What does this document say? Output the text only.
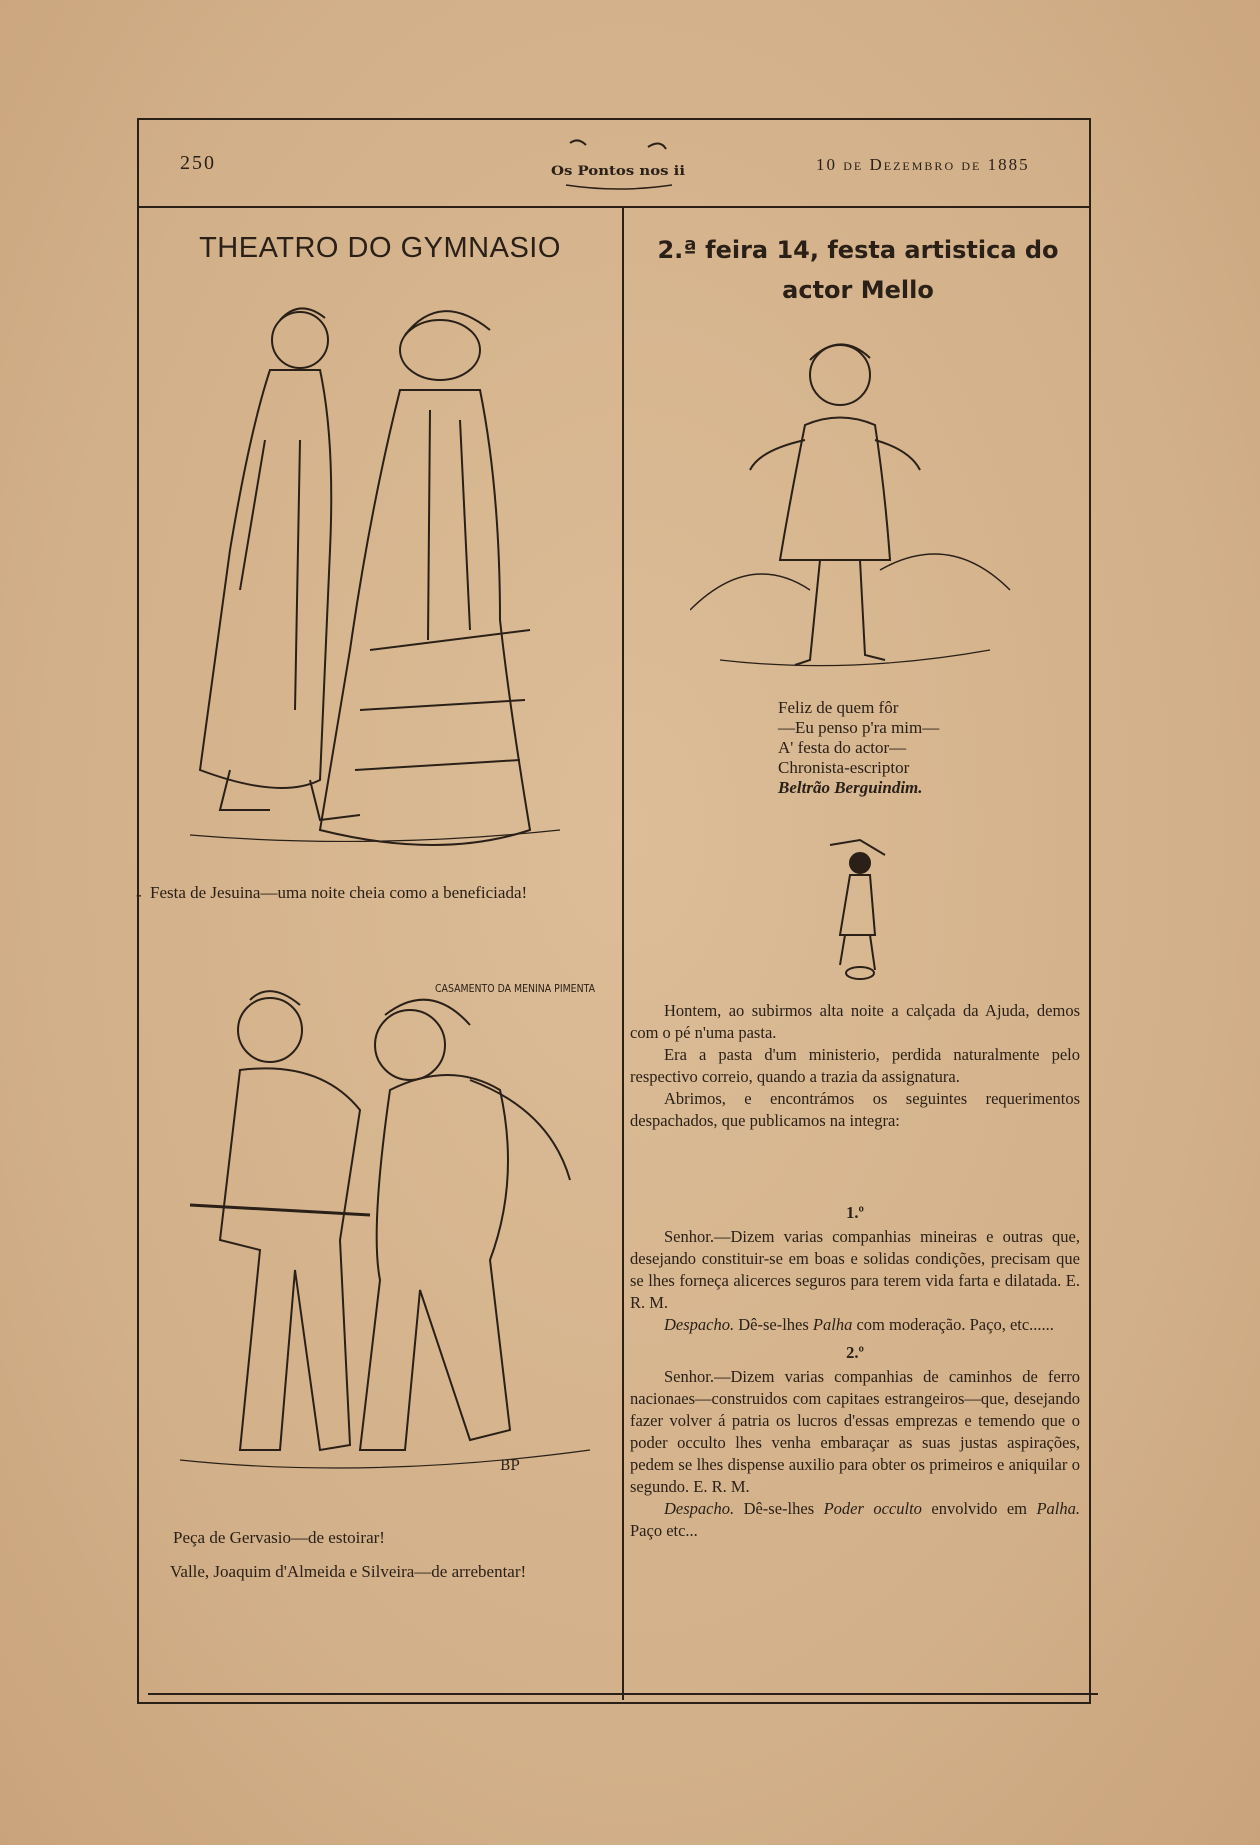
250	Os Pontos nos ii	10 de Dezembro de 1885
THEATRO DO GYMNASIO
Festa de Jesuina—uma noite cheia como a beneficiada!
-
CASAMENTO DA MENINA PIMENTA
BP
Peça de Gervasio—de estoirar!
Valle, Joaquim d'Almeida e Silveira—de arrebentar!
2.ª feira 14, festa artistica do
actor Mello
Feliz de quem fôr
—Eu penso p'ra mim—
A' festa do actor—
Chronista-escriptor
Beltrão Berguindim.

Hontem, ao subirmos alta noite a calçada da Ajuda, demos com o pé n'uma pasta.

Era a pasta d'um ministerio, perdida naturalmente pelo respectivo correio, quando a trazia da assignatura.

Abrimos, e encontrámos os seguintes requerimentos despachados, que publicamos na integra:

1.º

Senhor.—Dizem varias companhias mineiras e outras que, desejando constituir-se em boas e solidas condições, precisam que se lhes forneça alicerces seguros para terem vida farta e dilatada. E. R. M.

Despacho. Dê-se-lhes Palha com moderação. Paço, etc......

2.º

Senhor.—Dizem varias companhias de caminhos de ferro nacionaes—construidos com capitaes estrangeiros—que, desejando fazer volver á patria os lucros d'essas emprezas e temendo que o poder occulto lhes venha embaraçar as suas justas aspirações, pedem se lhes dispense auxilio para obter os primeiros e aniquilar o segundo. E. R. M.

Despacho. Dê-se-lhes Poder occulto envolvido em Palha. Paço etc...
